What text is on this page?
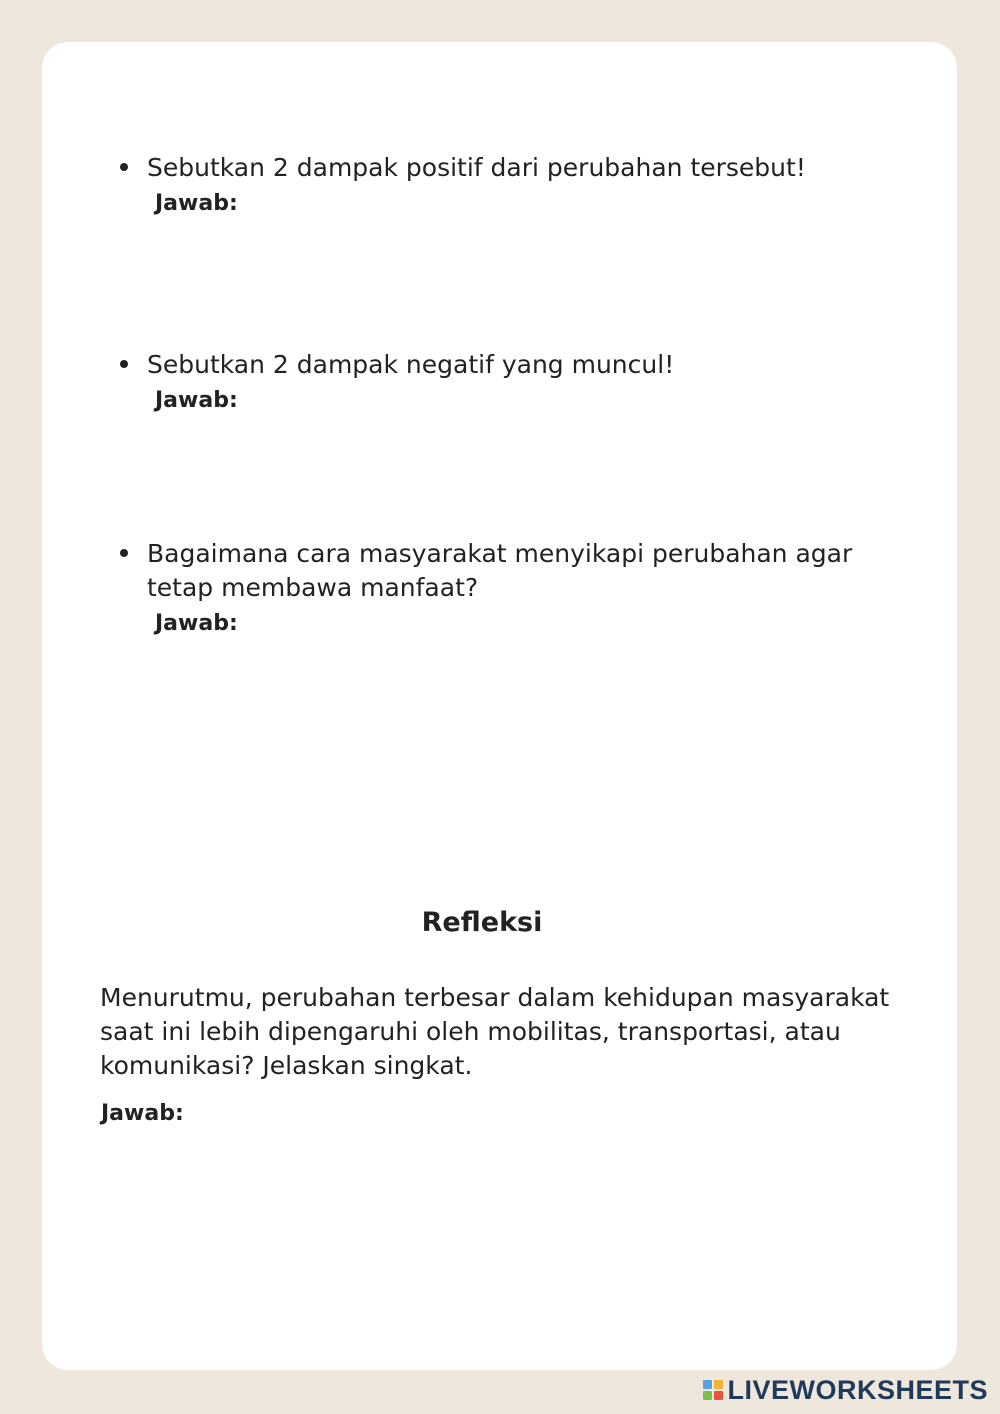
Sebutkan 2 dampak positif dari perubahan tersebut!
Jawab:
Sebutkan 2 dampak negatif yang muncul!
Jawab:
Bagaimana cara masyarakat menyikapi perubahan agar tetap membawa manfaat?
Jawab:
Refleksi
Menurutmu, perubahan terbesar dalam kehidupan masyarakat saat ini lebih dipengaruhi oleh mobilitas, transportasi, atau komunikasi? Jelaskan singkat.
Jawab:
LIVEWORKSHEETS
